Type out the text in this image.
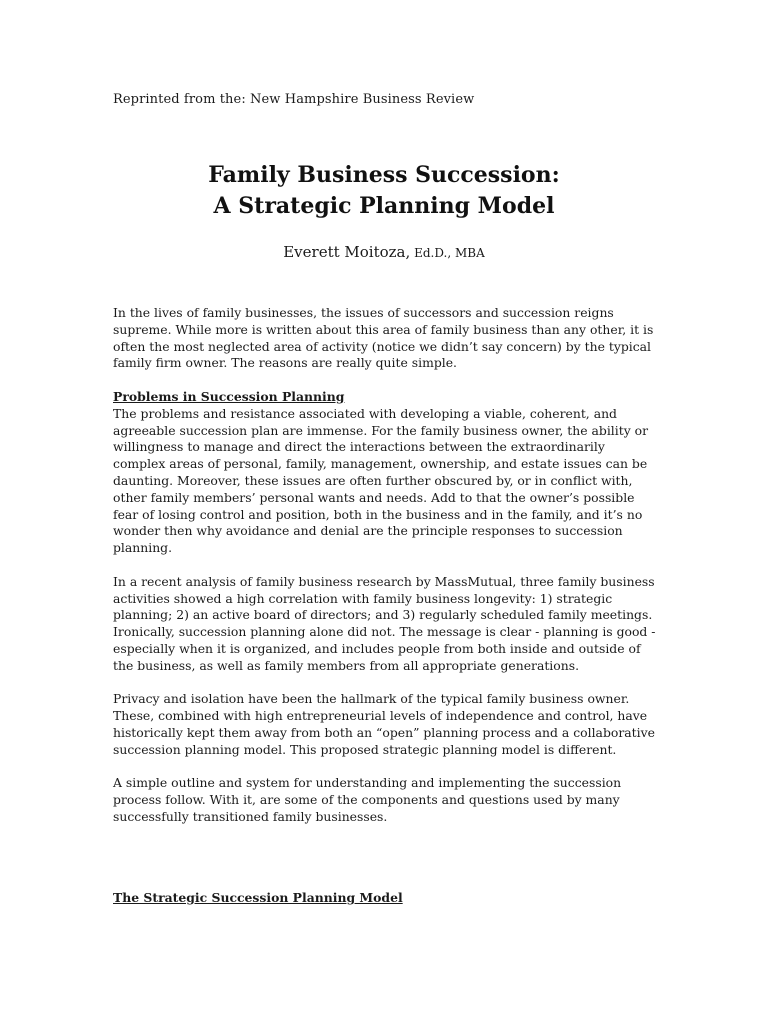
Reprinted from the: New Hampshire Business Review
Family Business Succession:
A Strategic Planning Model
Everett Moitoza, Ed.D., MBA

In the lives of family businesses, the issues of successors and succession reigns supreme. While more is written about this area of family business than any other, it is often the most neglected area of activity (notice we didn’t say concern) by the typical family firm owner. The reasons are really quite simple.

Problems in Succession Planning

The problems and resistance associated with developing a viable, coherent, and agreeable succession plan are immense. For the family business owner, the ability or willingness to manage and direct the interactions between the extraordinarily complex areas of personal, family, management, ownership, and estate issues can be daunting. Moreover, these issues are often further obscured by, or in conflict with, other family members’ personal wants and needs. Add to that the owner’s possible fear of losing control and position, both in the business and in the family, and it’s no wonder then why avoidance and denial are the principle responses to succession planning.

In a recent analysis of family business research by MassMutual, three family business activities showed a high correlation with family business longevity: 1) strategic planning; 2) an active board of directors; and 3) regularly scheduled family meetings. Ironically, succession planning alone did not. The message is clear - planning is good - especially when it is organized, and includes people from both inside and outside of the business, as well as family members from all appropriate generations.

Privacy and isolation have been the hallmark of the typical family business owner. These, combined with high entrepreneurial levels of independence and control, have historically kept them away from both an “open” planning process and a collaborative succession planning model. This proposed strategic planning model is different.

A simple outline and system for understanding and implementing the succession process follow. With it, are some of the components and questions used by many successfully transitioned family businesses.

The Strategic Succession Planning Model
